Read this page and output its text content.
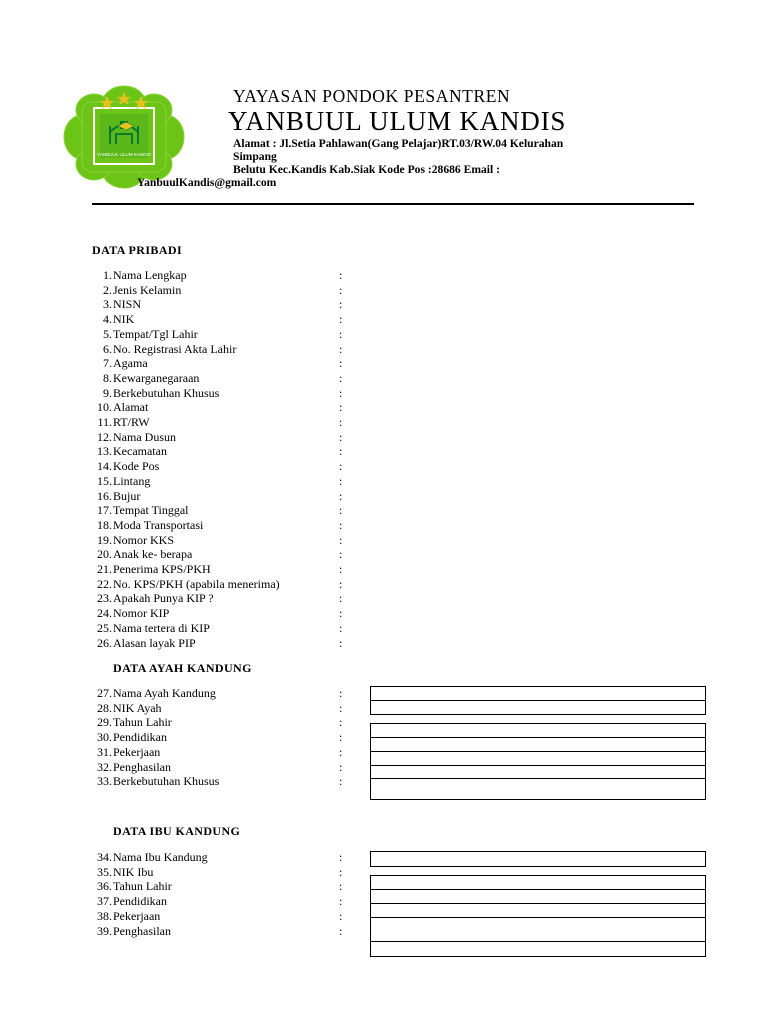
YANBUUL ULUM KANDIS
YAYASAN PONDOK PESANTREN
YANBUUL ULUM KANDIS
Alamat : Jl.Setia Pahlawan(Gang Pelajar)RT.03/RW.04 Kelurahan
Simpang
Belutu Kec.Kandis Kab.Siak Kode Pos :28686 Email :
YanbuulKandis@gmail.com
DATA PRIBADI
1. Nama Lengkap	:
2. Jenis Kelamin	:
3. NISN	:
4. NIK	:
5. Tempat/Tgl Lahir	:
6. No. Registrasi Akta Lahir	:
7. Agama	:
8. Kewarganegaraan	:
9. Berkebutuhan Khusus	:
10. Alamat	:
11. RT/RW	:
12. Nama Dusun	:
13. Kecamatan	:
14. Kode Pos	:
15. Lintang	:
16. Bujur	:
17. Tempat Tinggal	:
18. Moda Transportasi	:
19. Nomor KKS	:
20. Anak ke- berapa	:
21. Penerima KPS/PKH	:
22. No. KPS/PKH (apabila menerima)	:
23. Apakah Punya KIP ?	:
24. Nomor KIP	:
25. Nama tertera di KIP	:
26. Alasan layak PIP	:
DATA AYAH KANDUNG
27. Nama Ayah Kandung	:
28. NIK Ayah	:
29. Tahun Lahir	:
30. Pendidikan	:
31. Pekerjaan	:
32. Penghasilan	:
33. Berkebutuhan Khusus	:
DATA IBU KANDUNG
34. Nama Ibu Kandung	:
35. NIK Ibu	:
36. Tahun Lahir	:
37. Pendidikan	:
38. Pekerjaan	:
39. Penghasilan	:
